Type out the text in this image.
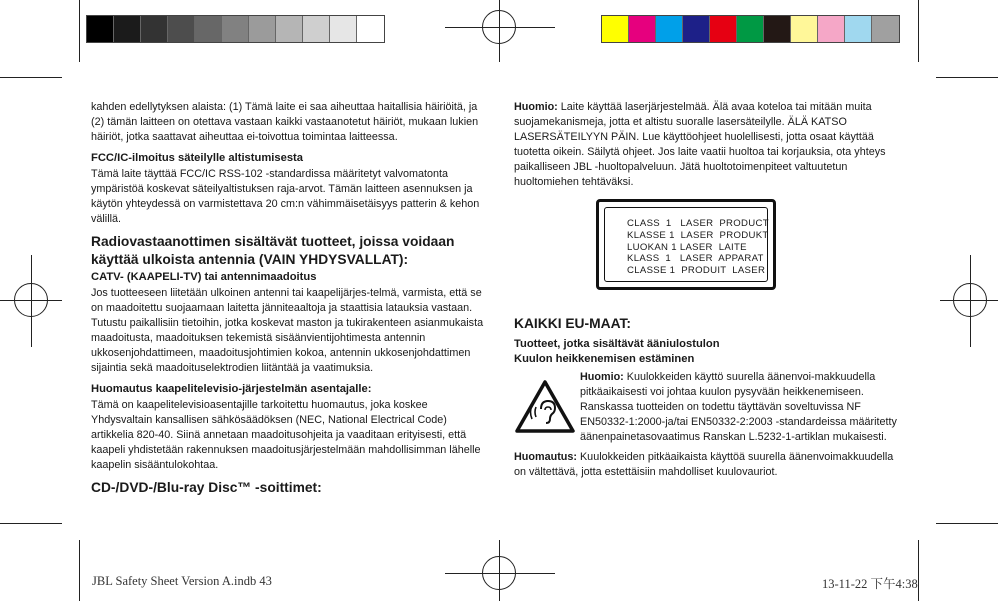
kahden edellytyksen alaista: (1) Tämä laite ei saa aiheuttaa haitallisia häiriöitä, ja (2) tämän laitteen on otettava vastaan kaikki vastaanotetut häiriöt, mukaan lukien häiriöt, jotka saattavat aiheuttaa ei-toivottua toimintaa laitteessa.

FCC/IC-ilmoitus säteilylle altistumisesta

Tämä laite täyttää FCC/IC RSS-102 -standardissa määritetyt valvomatonta ympäristöä koskevat säteilyaltistuksen raja-arvot. Tämän laitteen asennuksen ja käytön yhteydessä on varmistettava 20 cm:n vähimmäisetäisyys patterin & kehon välillä.

Radiovastaanottimen sisältävät tuotteet, joissa voidaan käyttää ulkoista antennia (VAIN YHDYSVALLAT):

CATV- (KAAPELI-TV) tai antennimaadoitus

Jos tuotteeseen liitetään ulkoinen antenni tai kaapelijärjes-telmä, varmista, että se on maadoitettu suojaamaan laitetta jänniteaaltoja ja staattisia latauksia vastaan. Tutustu paikallisiin tietoihin, jotka koskevat maston ja tukirakenteen asianmukaista maadoitusta, maadoituksen tekemistä sisäänvientijohtimesta antennin ukkosenjohdattimeen, maadoitusjohtimien kokoa, antennin ukkosenjohdattimen sijaintia sekä maadoituselektrodien liitäntää ja vaatimuksia.

Huomautus kaapelitelevisio-järjestelmän asentajalle:

Tämä on kaapelitelevisioasentajille tarkoitettu huomautus, joka koskee Yhdysvaltain kansallisen sähkösäädöksen (NEC, National Electrical Code) artikkelia 820-40. Siinä annetaan maadoitusohjeita ja vaaditaan erityisesti, että kaapeli yhdistetään rakennuksen maadoitusjärjestelmään mahdollisimman lähelle kaapelin sisääntulokohtaa.

CD-/DVD-/Blu-ray Disc™ -soittimet:

Huomio: Laite käyttää laserjärjestelmää. Älä avaa koteloa tai mitään muita suojamekanismeja, jotta et altistu suoralle lasersäteilylle. ÄLÄ KATSO LASERSÄTEILYYN PÄIN. Lue käyttöohjeet huolellisesti, jotta osaat käyttää tuotetta oikein. Säilytä ohjeet. Jos laite vaatii huoltoa tai korjauksia, ota yhteys paikalliseen JBL -huoltopalveluun. Jätä huoltotoimenpiteet valtuutetun huoltomiehen tehtäväksi.

CLASS  1   LASER  PRODUCT
KLASSE 1  LASER  PRODUKT
LUOKAN 1 LASER  LAITE
KLASS  1   LASER  APPARAT
CLASSE 1  PRODUIT  LASER

KAIKKI EU-MAAT:

Tuotteet, jotka sisältävät ääniulostulon

Kuulon heikkenemisen estäminen

Huomio: Kuulokkeiden käyttö suurella äänenvoi-makkuudella pitkäaikaisesti voi johtaa kuulon pysyvään heikkenemiseen.

Ranskassa tuotteiden on todettu täyttävän soveltuvissa NF EN50332-1:2000-ja/tai EN50332-2:2003 -standardeissa määritetty äänenpainetasovaatimus Ranskan L.5232-1-artiklan mukaisesti.

Huomautus: Kuulokkeiden pitkäaikaista käyttöä suurella äänenvoimakkuudella on vältettävä, jotta estettäisiin mahdolliset kuulovauriot.

JBL Safety Sheet Version A.indb 43	13-11-22 下午4:38
